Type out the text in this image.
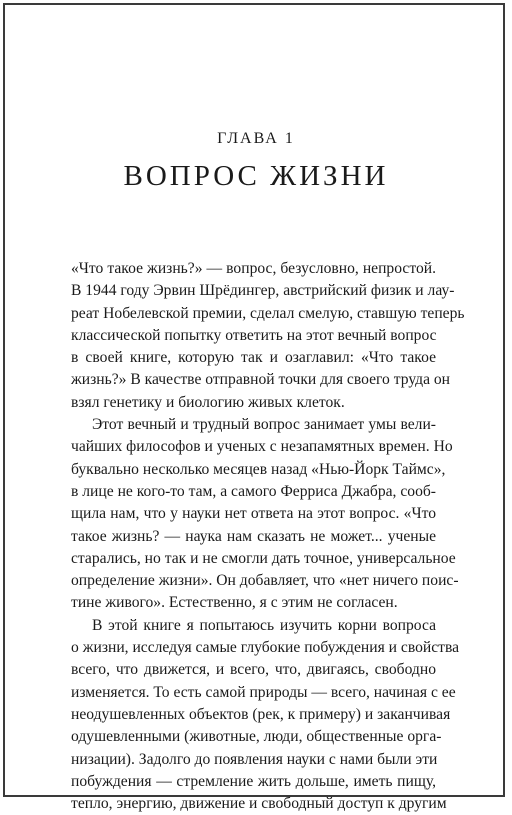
ГЛАВА 1
ВОПРОС ЖИЗНИ
«Что такое жизнь?» — вопрос, безусловно, непростой.
В 1944 году Эрвин Шрёдингер, австрийский физик и лау-
реат Нобелевской премии, сделал смелую, ставшую теперь
классической попытку ответить на этот вечный вопрос
в своей книге, которую так и озаглавил: «Что такое
жизнь?» В качестве отправной точки для своего труда он
взял генетику и биологию живых клеток.
Этот вечный и трудный вопрос занимает умы вели-
чайших философов и ученых с незапамятных времен. Но
буквально несколько месяцев назад «Нью-Йорк Таймс»,
в лице не кого-то там, а самого Ферриса Джабра, сооб-
щила нам, что у науки нет ответа на этот вопрос. «Что
такое жизнь? — наука нам сказать не может... ученые
старались, но так и не смогли дать точное, универсальное
определение жизни». Он добавляет, что «нет ничего поис-
тине живого». Естественно, я с этим не согласен.
В этой книге я попытаюсь изучить корни вопроса
о жизни, исследуя самые глубокие побуждения и свойства
всего, что движется, и всего, что, двигаясь, свободно
изменяется. То есть самой природы — всего, начиная с ее
неодушевленных объектов (рек, к примеру) и заканчивая
одушевленными (животные, люди, общественные орга-
низации). Задолго до появления науки с нами были эти
побуждения — стремление жить дольше, иметь пищу,
тепло, энергию, движение и свободный доступ к другим
